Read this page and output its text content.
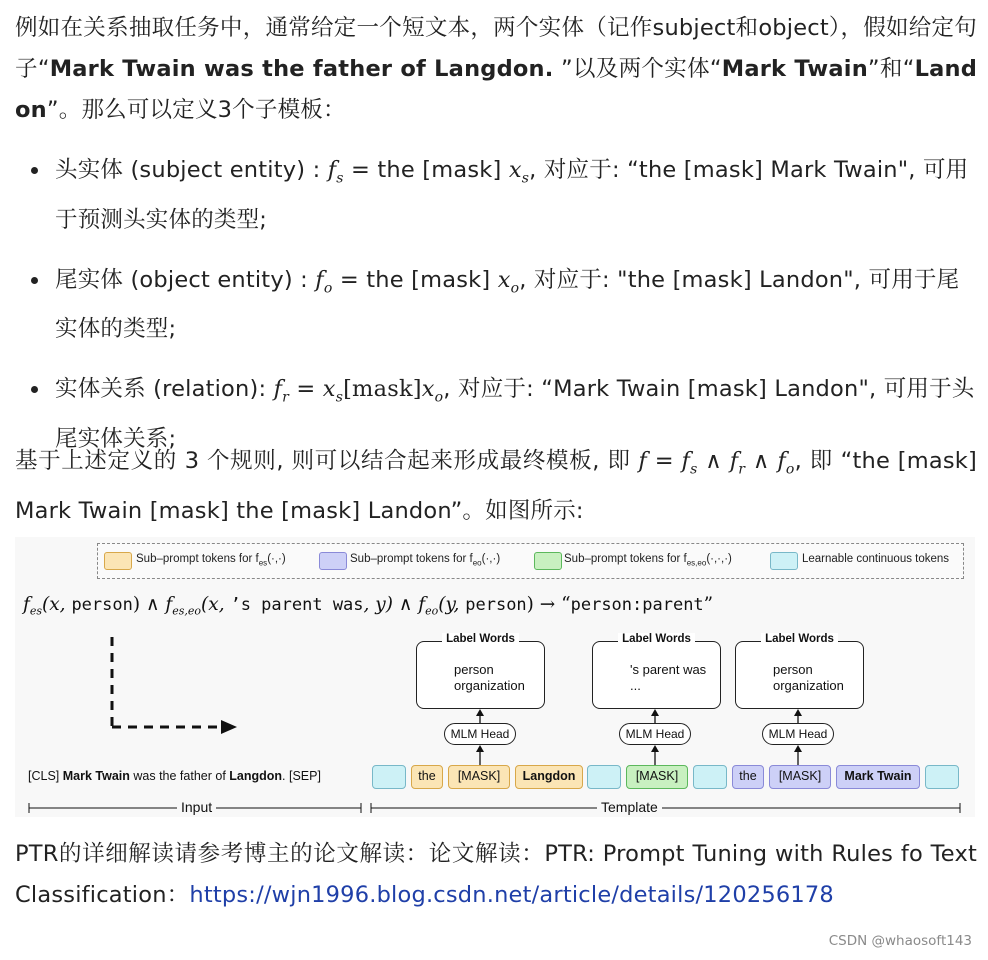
例如在关系抽取任务中，通常给定一个短文本，两个实体（记作subject和object），假如给定句子“Mark Twain was the father of Langdon. ”以及两个实体“Mark Twain”和“Landon”。那么可以定义3个子模板：
头实体 (subject entity) : $f_s$ = the [mask] $x_s$, 对应于: “the [mask] Mark Twain", 可用于预测头实体的类型;
尾实体 (object entity) : $f_o$ = the [mask] $x_o$, 对应于: "the [mask] Landon", 可用于尾实体的类型;
实体关系 (relation): $f_r$ = $x_s[mask]x_o$, 对应于: “Mark Twain [mask] Landon", 可用于头尾实体关系;
基于上述定义的 3 个规则, 则可以结合起来形成最终模板, 即 $f = f_s$ ∧ $f_r$ ∧ $f_o$, 即 “the [mask] Mark Twain [mask] the [mask] Landon”。如图所示:
Sub–prompt tokens for $f_{es}(\cdot,\cdot)$	Sub–prompt tokens for $f_{eo}(\cdot,\cdot)$	Sub–prompt tokens for $f_{es,eo}(\cdot,\cdot,\cdot)$	Learnable continuous tokens
$f_{es}(x$, person) ∧ $f_{es,eo}(x$, ’s parent was, y) ∧ $f_{eo}(y$, person) → “person:parent”
Label Words
person
organization
Label Words
's parent was
...
Label Words
person
organization
MLM Head	MLM Head	MLM Head
[CLS] Mark Twain was the father of Langdon. [SEP]	the	[MASK]	Langdon	[MASK]	the	[MASK]	Mark Twain
Input	Template
PTR的详细解读请参考博主的论文解读：论文解读：PTR: Prompt Tuning with Rules fo Text Classification：https://wjn1996.blog.csdn.net/article/details/120256178
CSDN @whaosoft143
